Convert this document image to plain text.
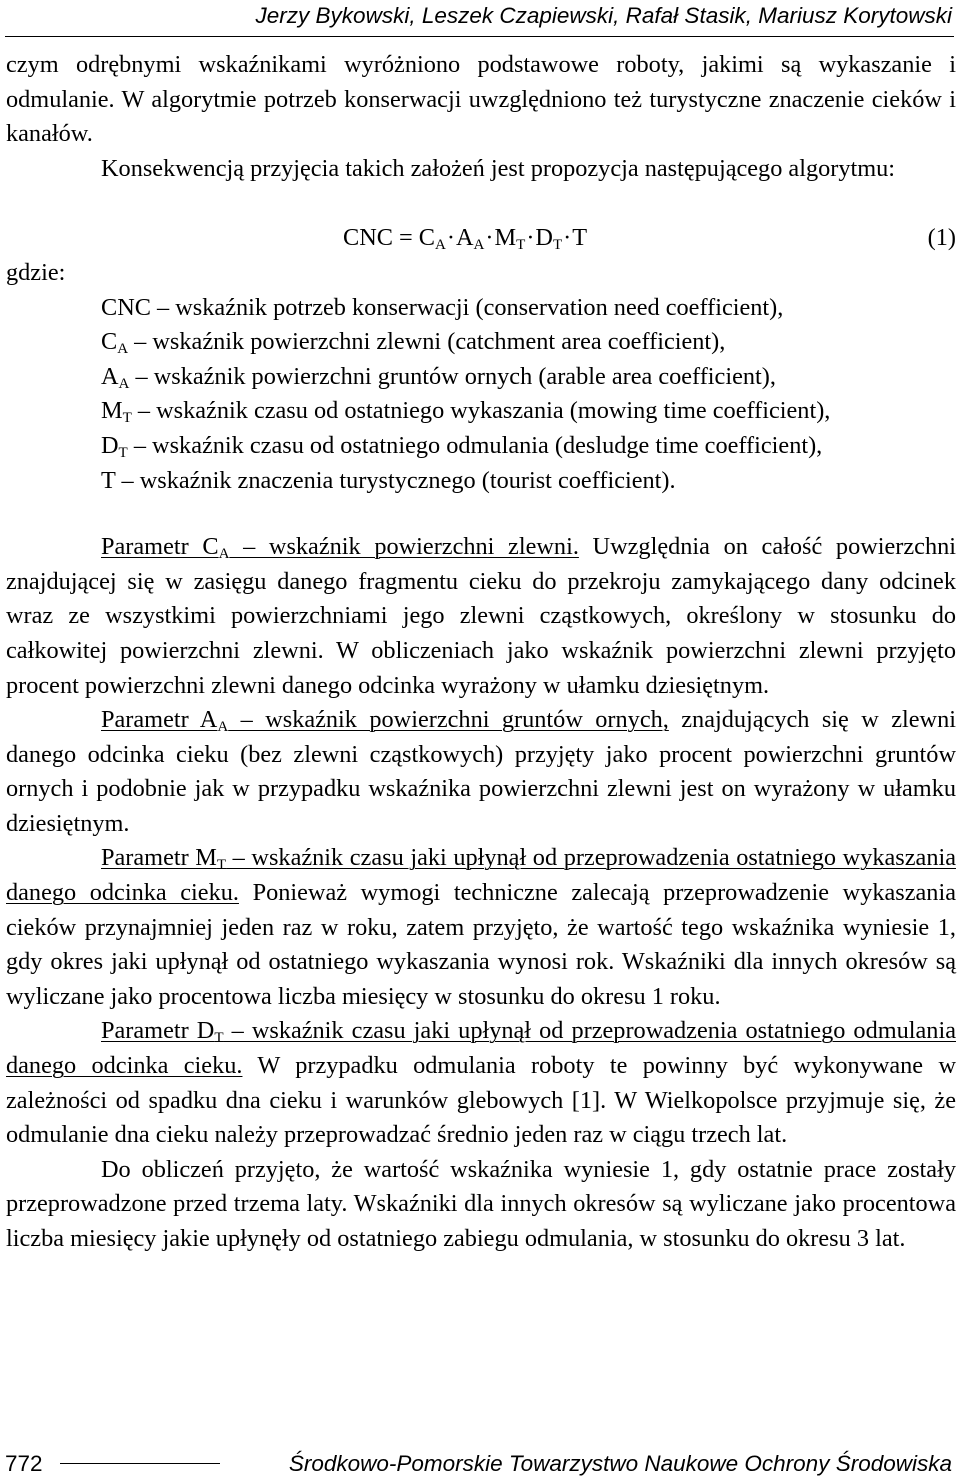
Jerzy Bykowski, Leszek Czapiewski, Rafał Stasik, Mariusz Korytowski

czym odrębnymi wskaźnikami wyróżniono podstawowe roboty, jakimi są wykaszanie i odmulanie. W algorytmie potrzeb konserwacji uwzględniono też turystyczne znaczenie cieków i kanałów.

Konsekwencją przyjęcia takich założeń jest propozycja następującego algorytmu:

CNC = $C_A\cdot A_A\cdot M_T\cdot D_T\cdot T$	(1)

gdzie:

CNC – wskaźnik potrzeb konserwacji (conservation need coefficient),
$C_A$ – wskaźnik powierzchni zlewni (catchment area coefficient),
$A_A$ – wskaźnik powierzchni gruntów ornych (arable area coefficient),
$M_T$ – wskaźnik czasu od ostatniego wykaszania (mowing time coefficient),
$D_T$ – wskaźnik czasu od ostatniego odmulania (desludge time coefficient),
T – wskaźnik znaczenia turystycznego (tourist coefficient).

Parametr $C_A$ – wskaźnik powierzchni zlewni. Uwzględnia on całość powierzchni znajdującej się w zasięgu danego fragmentu cieku do przekroju zamykającego dany odcinek wraz ze wszystkimi powierzchniami jego zlewni cząstkowych, określony w stosunku do całkowitej powierzchni zlewni. W obliczeniach jako wskaźnik powierzchni zlewni przyjęto procent powierzchni zlewni danego odcinka wyrażony w ułamku dziesiętnym.

Parametr $A_A$ – wskaźnik powierzchni gruntów ornych, znajdujących się w zlewni danego odcinka cieku (bez zlewni cząstkowych) przyjęty jako procent powierzchni gruntów ornych i podobnie jak w przypadku wskaźnika powierzchni zlewni jest on wyrażony w ułamku dziesiętnym.

Parametr $M_T$ – wskaźnik czasu jaki upłynął od przeprowadzenia ostatniego wykaszania danego odcinka cieku. Ponieważ wymogi techniczne zalecają przeprowadzenie wykaszania cieków przynajmniej jeden raz w roku, zatem przyjęto, że wartość tego wskaźnika wyniesie 1, gdy okres jaki upłynął od ostatniego wykaszania wynosi rok. Wskaźniki dla innych okresów są wyliczane jako procentowa liczba miesięcy w stosunku do okresu 1 roku.

Parametr $D_T$ – wskaźnik czasu jaki upłynął od przeprowadzenia ostatniego odmulania danego odcinka cieku. W przypadku odmulania roboty te powinny być wykonywane w zależności od spadku dna cieku i warunków glebowych [1]. W Wielkopolsce przyjmuje się, że odmulanie dna cieku należy przeprowadzać średnio jeden raz w ciągu trzech lat.

Do obliczeń przyjęto, że wartość wskaźnika wyniesie 1, gdy ostatnie prace zostały przeprowadzone przed trzema laty. Wskaźniki dla innych okresów są wyliczane jako procentowa liczba miesięcy jakie upłynęły od ostatniego zabiegu odmulania, w stosunku do okresu 3 lat.

772	Środkowo-Pomorskie Towarzystwo Naukowe Ochrony Środowiska
